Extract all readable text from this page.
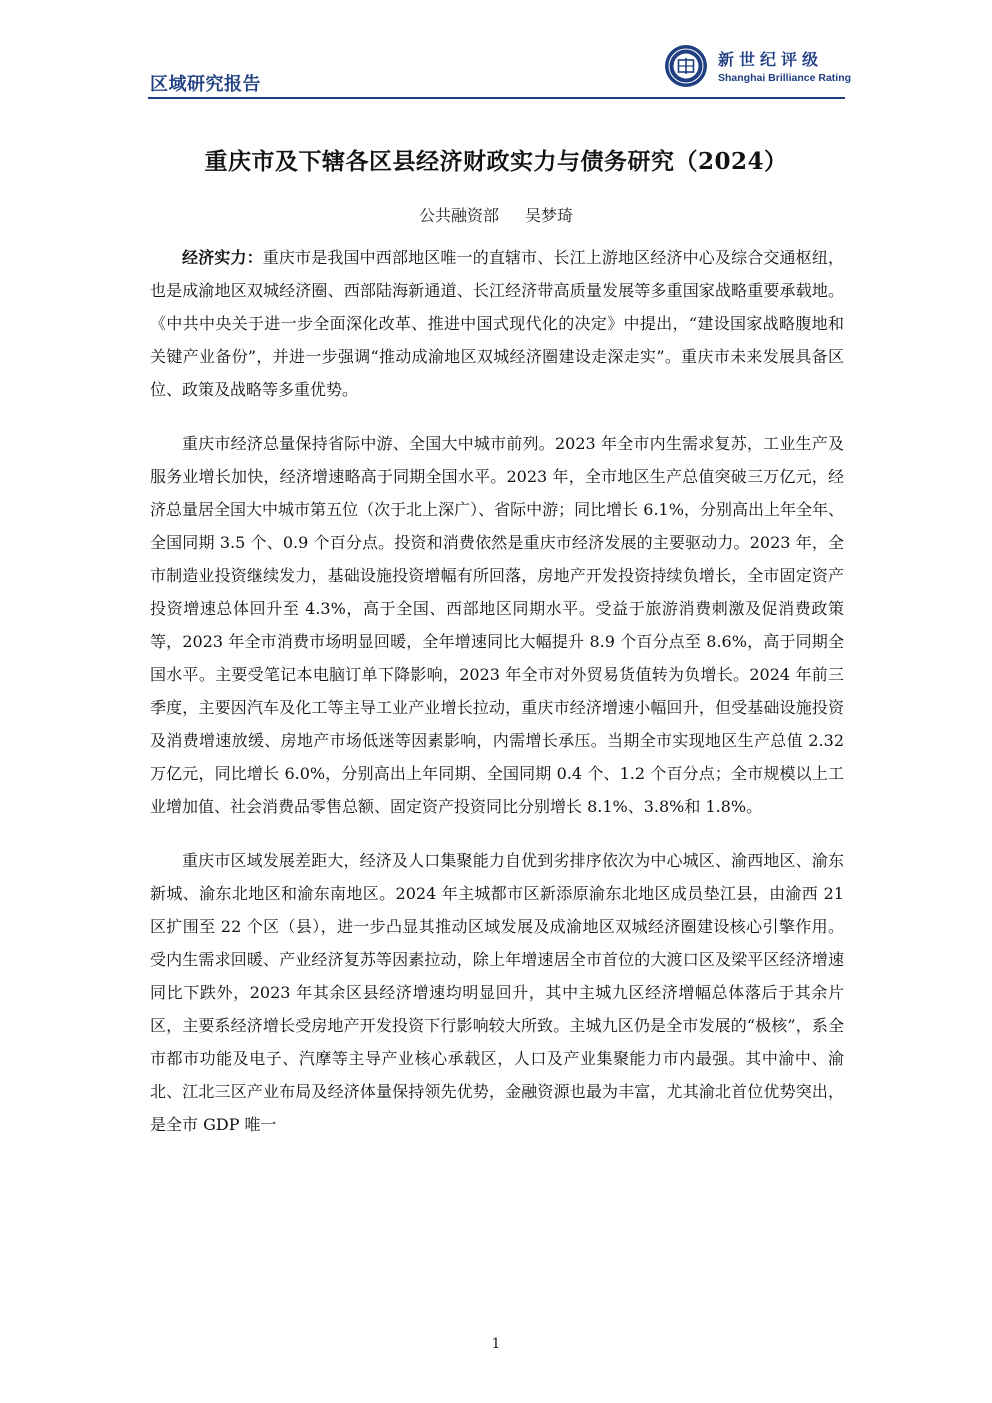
区域研究报告
新世纪评级
Shanghai Brilliance Rating
重庆市及下辖各区县经济财政实力与债务研究（2024）
公共融资部 吴梦琦

经济实力：重庆市是我国中西部地区唯一的直辖市、长江上游地区经济中心及综合交通枢纽，也是成渝地区双城经济圈、西部陆海新通道、长江经济带高质量发展等多重国家战略重要承载地。《中共中央关于进一步全面深化改革、推进中国式现代化的决定》中提出，“建设国家战略腹地和关键产业备份”，并进一步强调“推动成渝地区双城经济圈建设走深走实”。重庆市未来发展具备区位、政策及战略等多重优势。

重庆市经济总量保持省际中游、全国大中城市前列。2023 年全市内生需求复苏，工业生产及服务业增长加快，经济增速略高于同期全国水平。2023 年，全市地区生产总值突破三万亿元，经济总量居全国大中城市第五位（次于北上深广）、省际中游；同比增长 6.1%，分别高出上年全年、全国同期 3.5 个、0.9 个百分点。投资和消费依然是重庆市经济发展的主要驱动力。2023 年，全市制造业投资继续发力，基础设施投资增幅有所回落，房地产开发投资持续负增长，全市固定资产投资增速总体回升至 4.3%，高于全国、西部地区同期水平。受益于旅游消费刺激及促消费政策等，2023 年全市消费市场明显回暖，全年增速同比大幅提升 8.9 个百分点至 8.6%，高于同期全国水平。主要受笔记本电脑订单下降影响，2023 年全市对外贸易货值转为负增长。2024 年前三季度，主要因汽车及化工等主导工业产业增长拉动，重庆市经济增速小幅回升，但受基础设施投资及消费增速放缓、房地产市场低迷等因素影响，内需增长承压。当期全市实现地区生产总值 2.32 万亿元，同比增长 6.0%，分别高出上年同期、全国同期 0.4 个、1.2 个百分点；全市规模以上工业增加值、社会消费品零售总额、固定资产投资同比分别增长 8.1%、3.8%和 1.8%。

重庆市区域发展差距大，经济及人口集聚能力自优到劣排序依次为中心城区、渝西地区、渝东新城、渝东北地区和渝东南地区。2024 年主城都市区新添原渝东北地区成员垫江县，由渝西 21 区扩围至 22 个区（县），进一步凸显其推动区域发展及成渝地区双城经济圈建设核心引擎作用。受内生需求回暖、产业经济复苏等因素拉动，除上年增速居全市首位的大渡口区及梁平区经济增速同比下跌外，2023 年其余区县经济增速均明显回升，其中主城九区经济增幅总体落后于其余片区，主要系经济增长受房地产开发投资下行影响较大所致。主城九区仍是全市发展的“极核”，系全市都市功能及电子、汽摩等主导产业核心承载区，人口及产业集聚能力市内最强。其中渝中、渝北、江北三区产业布局及经济体量保持领先优势，金融资源也最为丰富，尤其渝北首位优势突出，是全市 GDP 唯一

1
